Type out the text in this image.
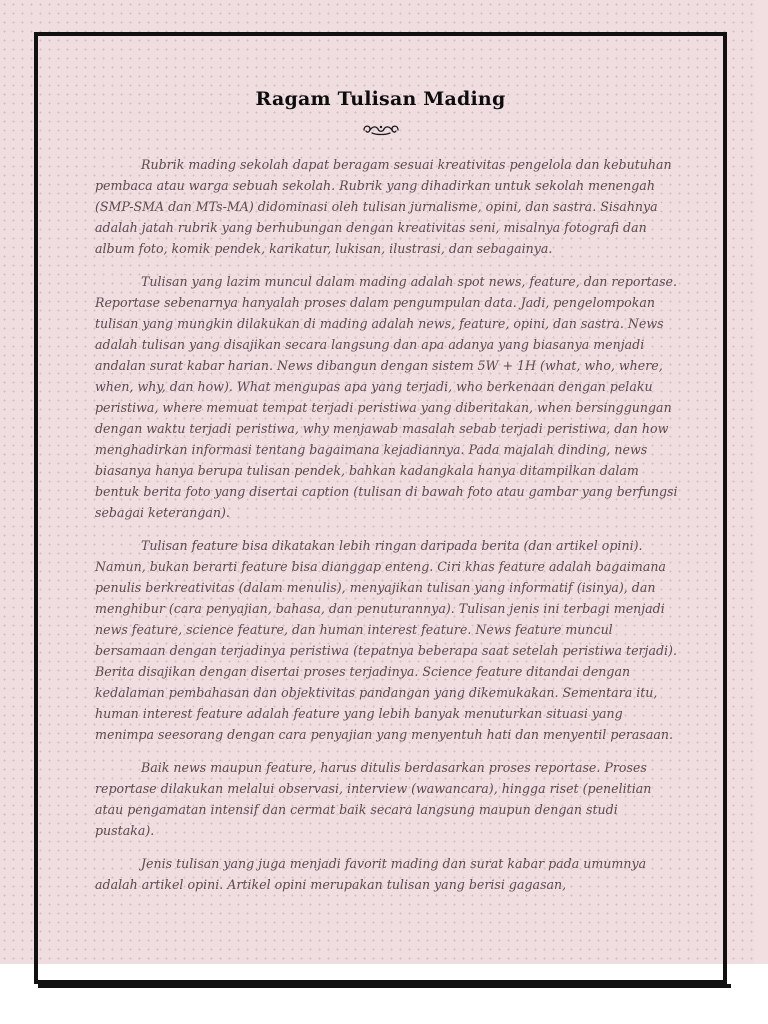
Ragam Tulisan Mading

Rubrik mading sekolah dapat beragam sesuai kreativitas pengelola dan kebutuhan pembaca atau warga sebuah sekolah. Rubrik yang dihadirkan untuk sekolah menengah (SMP-SMA dan MTs-MA) didominasi oleh tulisan jurnalisme, opini, dan sastra. Sisahnya adalah jatah rubrik yang berhubungan dengan kreativitas seni, misalnya fotografi dan album foto, komik pendek, karikatur, lukisan, ilustrasi, dan sebagainya.

Tulisan yang lazim muncul dalam mading adalah spot news, feature, dan reportase. Reportase sebenarnya hanyalah proses dalam pengumpulan data. Jadi, pengelompokan tulisan yang mungkin dilakukan di mading adalah news, feature, opini, dan sastra. News adalah tulisan yang disajikan secara langsung dan apa adanya yang biasanya menjadi andalan surat kabar harian. News dibangun dengan sistem 5W + 1H (what, who, where, when, why, dan how). What mengupas apa yang terjadi, who berkenaan dengan pelaku peristiwa, where memuat tempat terjadi peristiwa yang diberitakan, when bersinggungan dengan waktu terjadi peristiwa, why menjawab masalah sebab terjadi peristiwa, dan how menghadirkan informasi tentang bagaimana kejadiannya. Pada majalah dinding, news biasanya hanya berupa tulisan pendek, bahkan kadangkala hanya ditampilkan dalam bentuk berita foto yang disertai caption (tulisan di bawah foto atau gambar yang berfungsi sebagai keterangan).

Tulisan feature bisa dikatakan lebih ringan daripada berita (dan artikel opini). Namun, bukan berarti feature bisa dianggap enteng. Ciri khas feature adalah bagaimana penulis berkreativitas (dalam menulis), menyajikan tulisan yang informatif (isinya), dan menghibur (cara penyajian, bahasa, dan penuturannya). Tulisan jenis ini terbagi menjadi news feature, science feature, dan human interest feature. News feature muncul bersamaan dengan terjadinya peristiwa (tepatnya beberapa saat setelah peristiwa terjadi). Berita disajikan dengan disertai proses terjadinya. Science feature ditandai dengan kedalaman pembahasan dan objektivitas pandangan yang dikemukakan. Sementara itu, human interest feature adalah feature yang lebih banyak menuturkan situasi yang menimpa seesorang dengan cara penyajian yang menyentuh hati dan menyentil perasaan.

Baik news maupun feature, harus ditulis berdasarkan proses reportase. Proses reportase dilakukan melalui observasi, interview (wawancara), hingga riset (penelitian atau pengamatan intensif dan cermat baik secara langsung maupun dengan studi pustaka).

Jenis tulisan yang juga menjadi favorit mading dan surat kabar pada umumnya adalah artikel opini. Artikel opini merupakan tulisan yang berisi gagasan,
